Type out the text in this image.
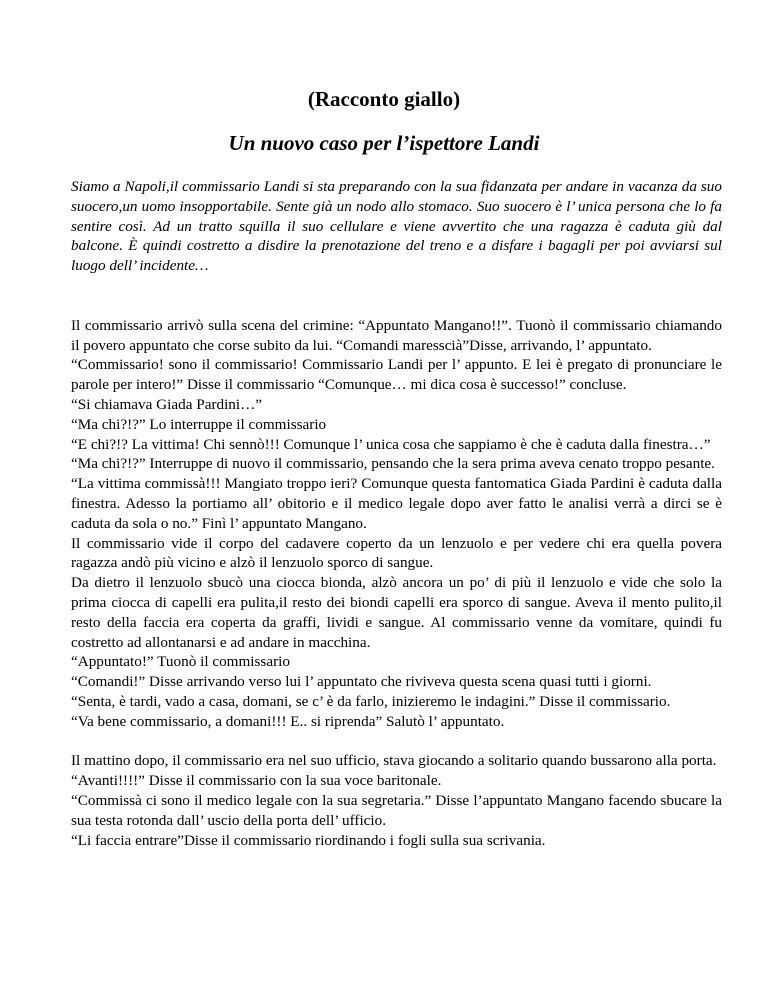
(Racconto giallo)
Un nuovo caso per l’ispettore Landi

Siamo a Napoli,il commissario Landi si sta preparando con la sua fidanzata per andare in vacanza da suo suocero,un uomo insopportabile. Sente già un nodo allo stomaco. Suo suocero è l’ unica persona che lo fa sentire così. Ad un tratto squilla il suo cellulare e viene avvertito che una ragazza è caduta giù dal balcone. È quindi costretto a disdire la prenotazione del treno e a disfare i bagagli per poi avviarsi sul luogo dell’ incidente…

Il commissario arrivò sulla scena del crimine: “Appuntato Mangano!!”. Tuonò il commissario chiamando il povero appuntato che corse subito da lui. “Comandi maresscià”Disse, arrivando, l’ appuntato.

“Commissario! sono il commissario! Commissario Landi per l’ appunto. E lei è pregato di pronunciare le parole per intero!” Disse il commissario “Comunque… mi dica cosa è successo!” concluse.

“Si chiamava Giada Pardini…”

“Ma chi?!?” Lo interruppe il commissario

“E chi?!? La vittima! Chi sennò!!! Comunque l’ unica cosa che sappiamo è che è caduta dalla finestra…”

“Ma chi?!?” Interruppe di nuovo il commissario, pensando che la sera prima aveva cenato troppo pesante.

“La vittima commissà!!! Mangiato troppo ieri? Comunque questa fantomatica Giada Pardini è caduta dalla finestra. Adesso la portiamo all’ obitorio e il medico legale dopo aver fatto le analisi verrà a dirci se è caduta da sola o no.” Finì l’ appuntato Mangano.

Il commissario vide il corpo del cadavere coperto da un lenzuolo e per vedere chi era quella povera ragazza andò più vicino e alzò il lenzuolo sporco di sangue.

Da dietro il lenzuolo sbucò una ciocca bionda, alzò ancora un po’ di più il lenzuolo e vide che solo la prima ciocca di capelli era pulita,il resto dei biondi capelli era sporco di sangue. Aveva il mento pulito,il resto della faccia era coperta da graffi, lividi e sangue. Al commissario venne da vomitare, quindi fu costretto ad allontanarsi e ad andare in macchina.

“Appuntato!” Tuonò il commissario

“Comandi!” Disse arrivando verso lui l’ appuntato che riviveva questa scena quasi tutti i giorni.

“Senta, è tardi, vado a casa, domani, se c’ è da farlo, inizieremo le indagini.” Disse il commissario.

“Va bene commissario, a domani!!! E.. si riprenda” Salutò l’ appuntato.

Il mattino dopo, il commissario era nel suo ufficio, stava giocando a solitario quando bussarono alla porta.

“Avanti!!!!” Disse il commissario con la sua voce baritonale.

“Commissà ci sono il medico legale con la sua segretaria.” Disse l’appuntato Mangano facendo sbucare la sua testa rotonda dall’ uscio della porta dell’ ufficio.

“Li faccia entrare”Disse il commissario riordinando i fogli sulla sua scrivania.
